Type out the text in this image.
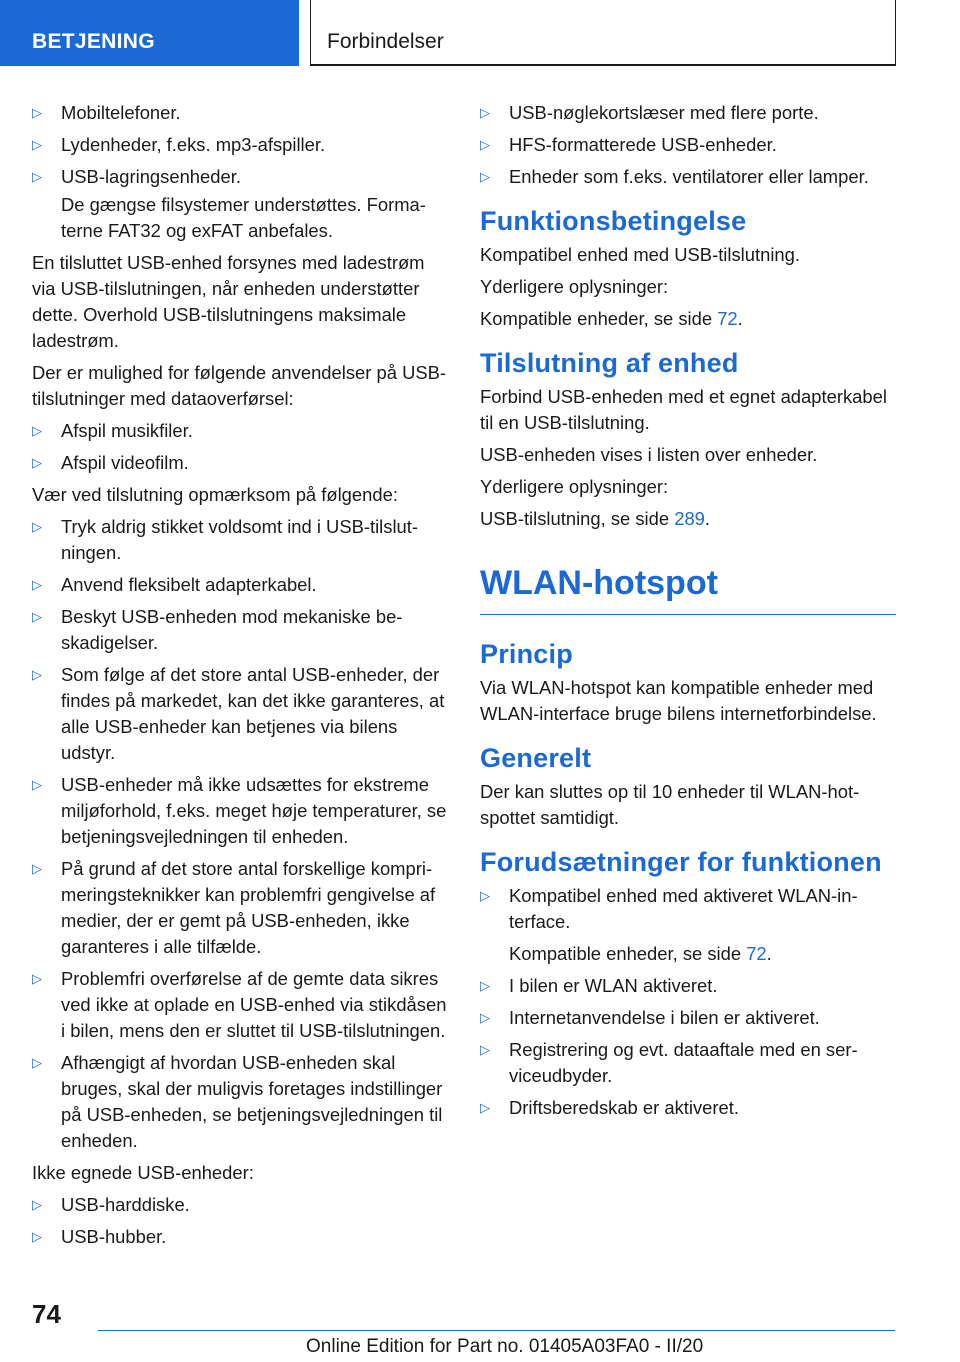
BETJENING	Forbindelser
▷ Mobiltelefoner.
▷ Lydenheder, f.eks. mp3-afspiller.
▷ USB-lagringsenheder.
De gængse filsystemer understøttes. Formaterne FAT32 og exFAT anbefales.

En tilsluttet USB-enhed forsynes med ladestrøm via USB-tilslutningen, når enheden understøtter dette. Overhold USB-tilslutningens maksimale ladestrøm.

Der er mulighed for følgende anvendelser på USB-tilslutninger med dataoverførsel:

▷ Afspil musikfiler.
▷ Afspil videofilm.

Vær ved tilslutning opmærksom på følgende:

▷ Tryk aldrig stikket voldsomt ind i USB-tilslutningen.
▷ Anvend fleksibelt adapterkabel.
▷ Beskyt USB-enheden mod mekaniske beskadigelser.
▷ Som følge af det store antal USB-enheder, der findes på markedet, kan det ikke garanteres, at alle USB-enheder kan betjenes via bilens udstyr.
▷ USB-enheder må ikke udsættes for ekstreme miljøforhold, f.eks. meget høje temperaturer, se betjeningsvejledningen til enheden.
▷ På grund af det store antal forskellige komprimeringsteknikker kan problemfri gengivelse af medier, der er gemt på USB-enheden, ikke garanteres i alle tilfælde.
▷ Problemfri overførelse af de gemte data sikres ved ikke at oplade en USB-enhed via stikdåsen i bilen, mens den er sluttet til USB-tilslutningen.
▷ Afhængigt af hvordan USB-enheden skal bruges, skal der muligvis foretages indstillinger på USB-enheden, se betjeningsvejledningen til enheden.

Ikke egnede USB-enheder:

▷ USB-harddiske.
▷ USB-hubber.
▷ USB-nøglekortslæser med flere porte.
▷ HFS-formatterede USB-enheder.
▷ Enheder som f.eks. ventilatorer eller lamper.
Funktionsbetingelse

Kompatibel enhed med USB-tilslutning.

Yderligere oplysninger:

Kompatible enheder, se side 72.

Tilslutning af enhed

Forbind USB-enheden med et egnet adapterkabel til en USB-tilslutning.

USB-enheden vises i listen over enheder.

Yderligere oplysninger:

USB-tilslutning, se side 289.

WLAN-hotspot
Princip

Via WLAN-hotspot kan kompatible enheder med WLAN-interface bruge bilens internetforbindelse.

Generelt

Der kan sluttes op til 10 enheder til WLAN-hotspottet samtidigt.

Forudsætninger for funktionen
▷ Kompatibel enhed med aktiveret WLAN-interface.
Kompatible enheder, se side 72.
▷ I bilen er WLAN aktiveret.
▷ Internetanvendelse i bilen er aktiveret.
▷ Registrering og evt. dataaftale med en serviceudbyder.
▷ Driftsberedskab er aktiveret.
74
Online Edition for Part no. 01405A03FA0 - II/20
